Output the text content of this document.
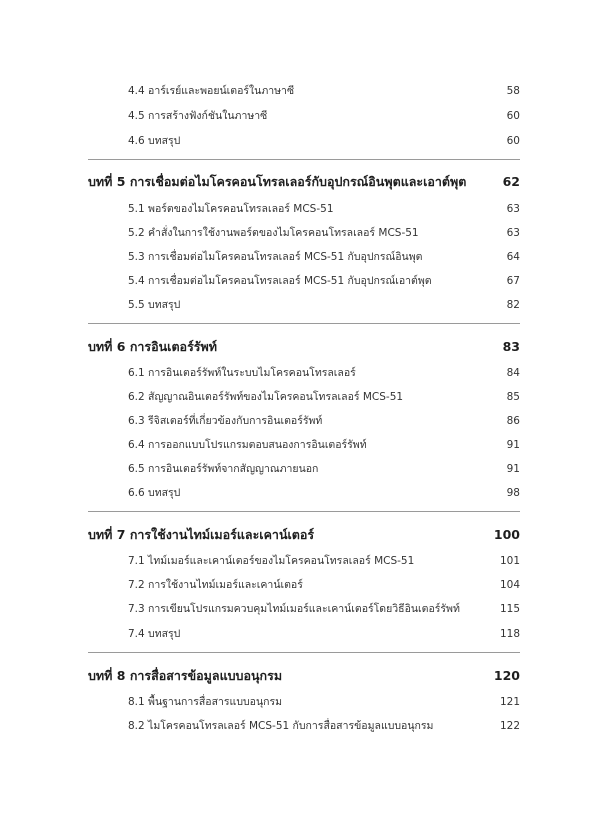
4.4 อาร์เรย์และพอยน์เตอร์ในภาษาซี	58
4.5 การสร้างฟังก์ชันในภาษาซี	60
4.6 บทสรุป	60
บทที่ 5 การเชื่อมต่อไมโครคอนโทรลเลอร์กับอุปกรณ์อินพุตและเอาต์พุต	62
5.1 พอร์ตของไมโครคอนโทรลเลอร์ MCS-51	63
5.2 คำสั่งในการใช้งานพอร์ตของไมโครคอนโทรลเลอร์ MCS-51	63
5.3 การเชื่อมต่อไมโครคอนโทรลเลอร์ MCS-51 กับอุปกรณ์อินพุต	64
5.4 การเชื่อมต่อไมโครคอนโทรลเลอร์ MCS-51 กับอุปกรณ์เอาต์พุต	67
5.5 บทสรุป	82
บทที่ 6 การอินเตอร์รัพท์	83
6.1 การอินเตอร์รัพท์ในระบบไมโครคอนโทรลเลอร์	84
6.2 สัญญาณอินเตอร์รัพท์ของไมโครคอนโทรลเลอร์ MCS-51	85
6.3 รีจิสเตอร์ที่เกี่ยวข้องกับการอินเตอร์รัพท์	86
6.4 การออกแบบโปรแกรมตอบสนองการอินเตอร์รัพท์	91
6.5 การอินเตอร์รัพท์จากสัญญาณภายนอก	91
6.6 บทสรุป	98
บทที่ 7 การใช้งานไทม์เมอร์และเคาน์เตอร์	100
7.1 ไทม์เมอร์และเคาน์เตอร์ของไมโครคอนโทรลเลอร์ MCS-51	101
7.2 การใช้งานไทม์เมอร์และเคาน์เตอร์	104
7.3 การเขียนโปรแกรมควบคุมไทม์เมอร์และเคาน์เตอร์โดยวิธีอินเตอร์รัพท์	115
7.4 บทสรุป	118
บทที่ 8 การสื่อสารข้อมูลแบบอนุกรม	120
8.1 พื้นฐานการสื่อสารแบบอนุกรม	121
8.2 ไมโครคอนโทรลเลอร์ MCS-51 กับการสื่อสารข้อมูลแบบอนุกรม	122
